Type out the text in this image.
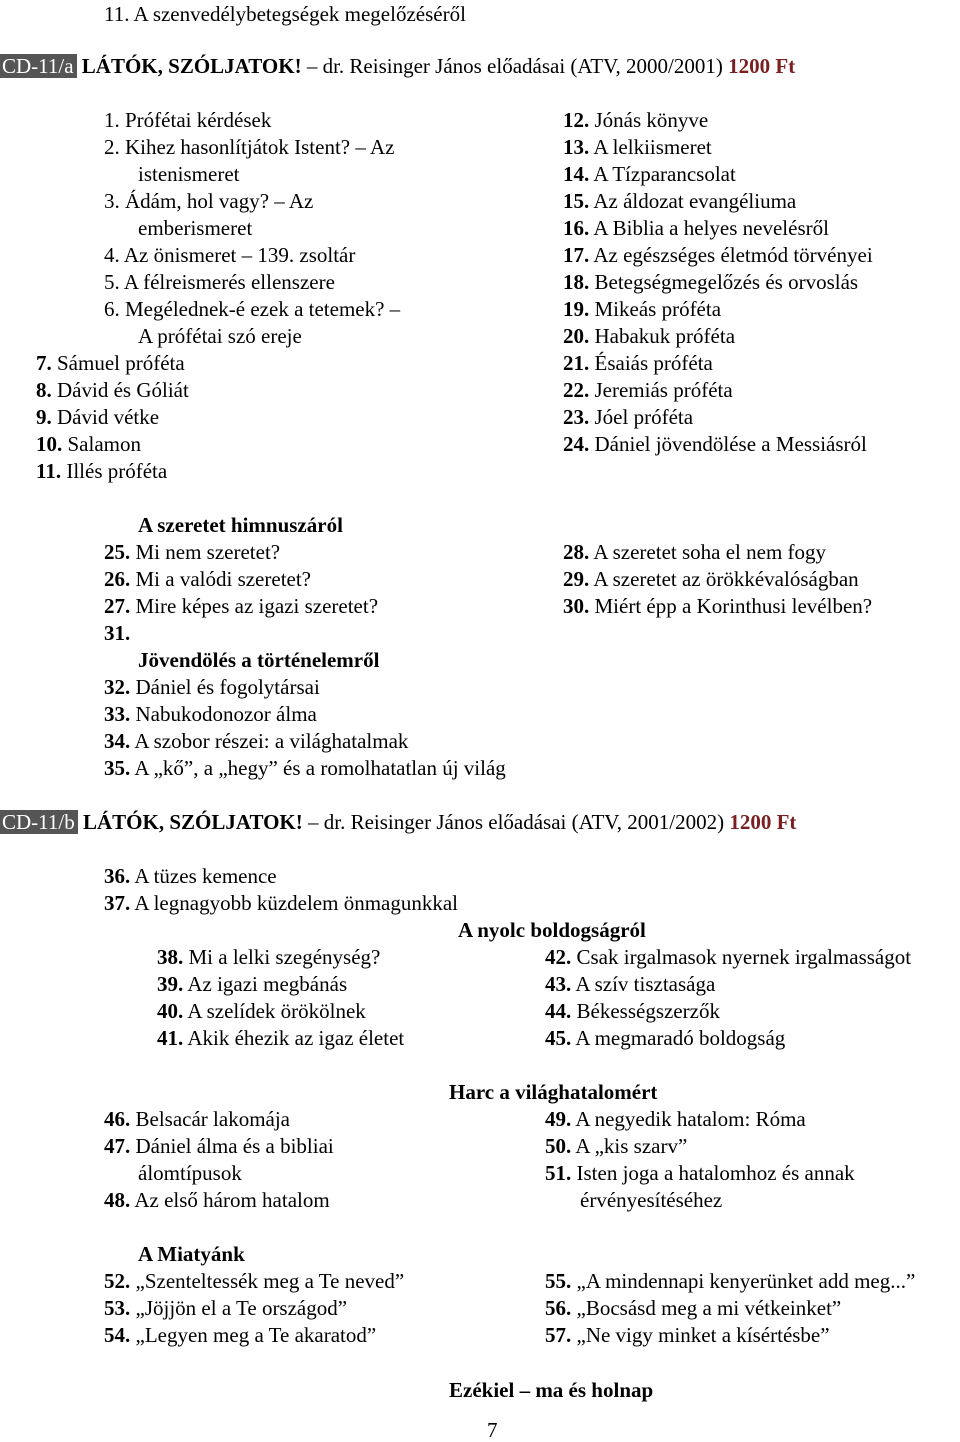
11. A szenvedélybetegségek megelőzéséről
CD-11/a LÁTÓK, SZÓLJATOK! – dr. Reisinger János előadásai (ATV, 2000/2001) 1200 Ft
1. Prófétai kérdések
2. Kihez hasonlítjátok Istent? – Az
istenismeret
3. Ádám, hol vagy? – Az
emberismeret
4. Az önismeret – 139. zsoltár
5. A félreismerés ellenszere
6. Megélednek-é ezek a tetemek? –
A prófétai szó ereje
7. Sámuel próféta
8. Dávid és Góliát
9. Dávid vétke
10. Salamon
11. Illés próféta
12. Jónás könyve
13. A lelkiismeret
14. A Tízparancsolat
15. Az áldozat evangéliuma
16. A Biblia a helyes nevelésről
17. Az egészséges életmód törvényei
18. Betegségmegelőzés és orvoslás
19. Mikeás próféta
20. Habakuk próféta
21. Ésaiás próféta
22. Jeremiás próféta
23. Jóel próféta
24. Dániel jövendölése a Messiásról
A szeretet himnuszáról
25. Mi nem szeretet?
26. Mi a valódi szeretet?
27. Mire képes az igazi szeretet?
28. A szeretet soha el nem fogy
29. A szeretet az örökkévalóságban
30. Miért épp a Korinthusi levélben?
31.
Jövendölés a történelemről
32. Dániel és fogolytársai
33. Nabukodonozor álma
34. A szobor részei: a világhatalmak
35. A „kő”, a „hegy” és a romolhatatlan új világ
CD-11/b LÁTÓK, SZÓLJATOK! – dr. Reisinger János előadásai (ATV, 2001/2002) 1200 Ft
36. A tüzes kemence
37. A legnagyobb küzdelem önmagunkkal
A nyolc boldogságról
38. Mi a lelki szegénység?
39. Az igazi megbánás
40. A szelídek örökölnek
41. Akik éhezik az igaz életet
42. Csak irgalmasok nyernek irgalmasságot
43. A szív tisztasága
44. Békességszerzők
45. A megmaradó boldogság
Harc a világhatalomért
46. Belsacár lakomája
47. Dániel álma és a bibliai
álomtípusok
48. Az első három hatalom
49. A negyedik hatalom: Róma
50. A „kis szarv”
51. Isten joga a hatalomhoz és annak
érvényesítéséhez
A Miatyánk
52. „Szenteltessék meg a Te neved”
53. „Jöjjön el a Te országod”
54. „Legyen meg a Te akaratod”
55. „A mindennapi kenyerünket add meg...”
56. „Bocsásd meg a mi vétkeinket”
57. „Ne vigy minket a kísértésbe”
Ezékiel – ma és holnap
7
